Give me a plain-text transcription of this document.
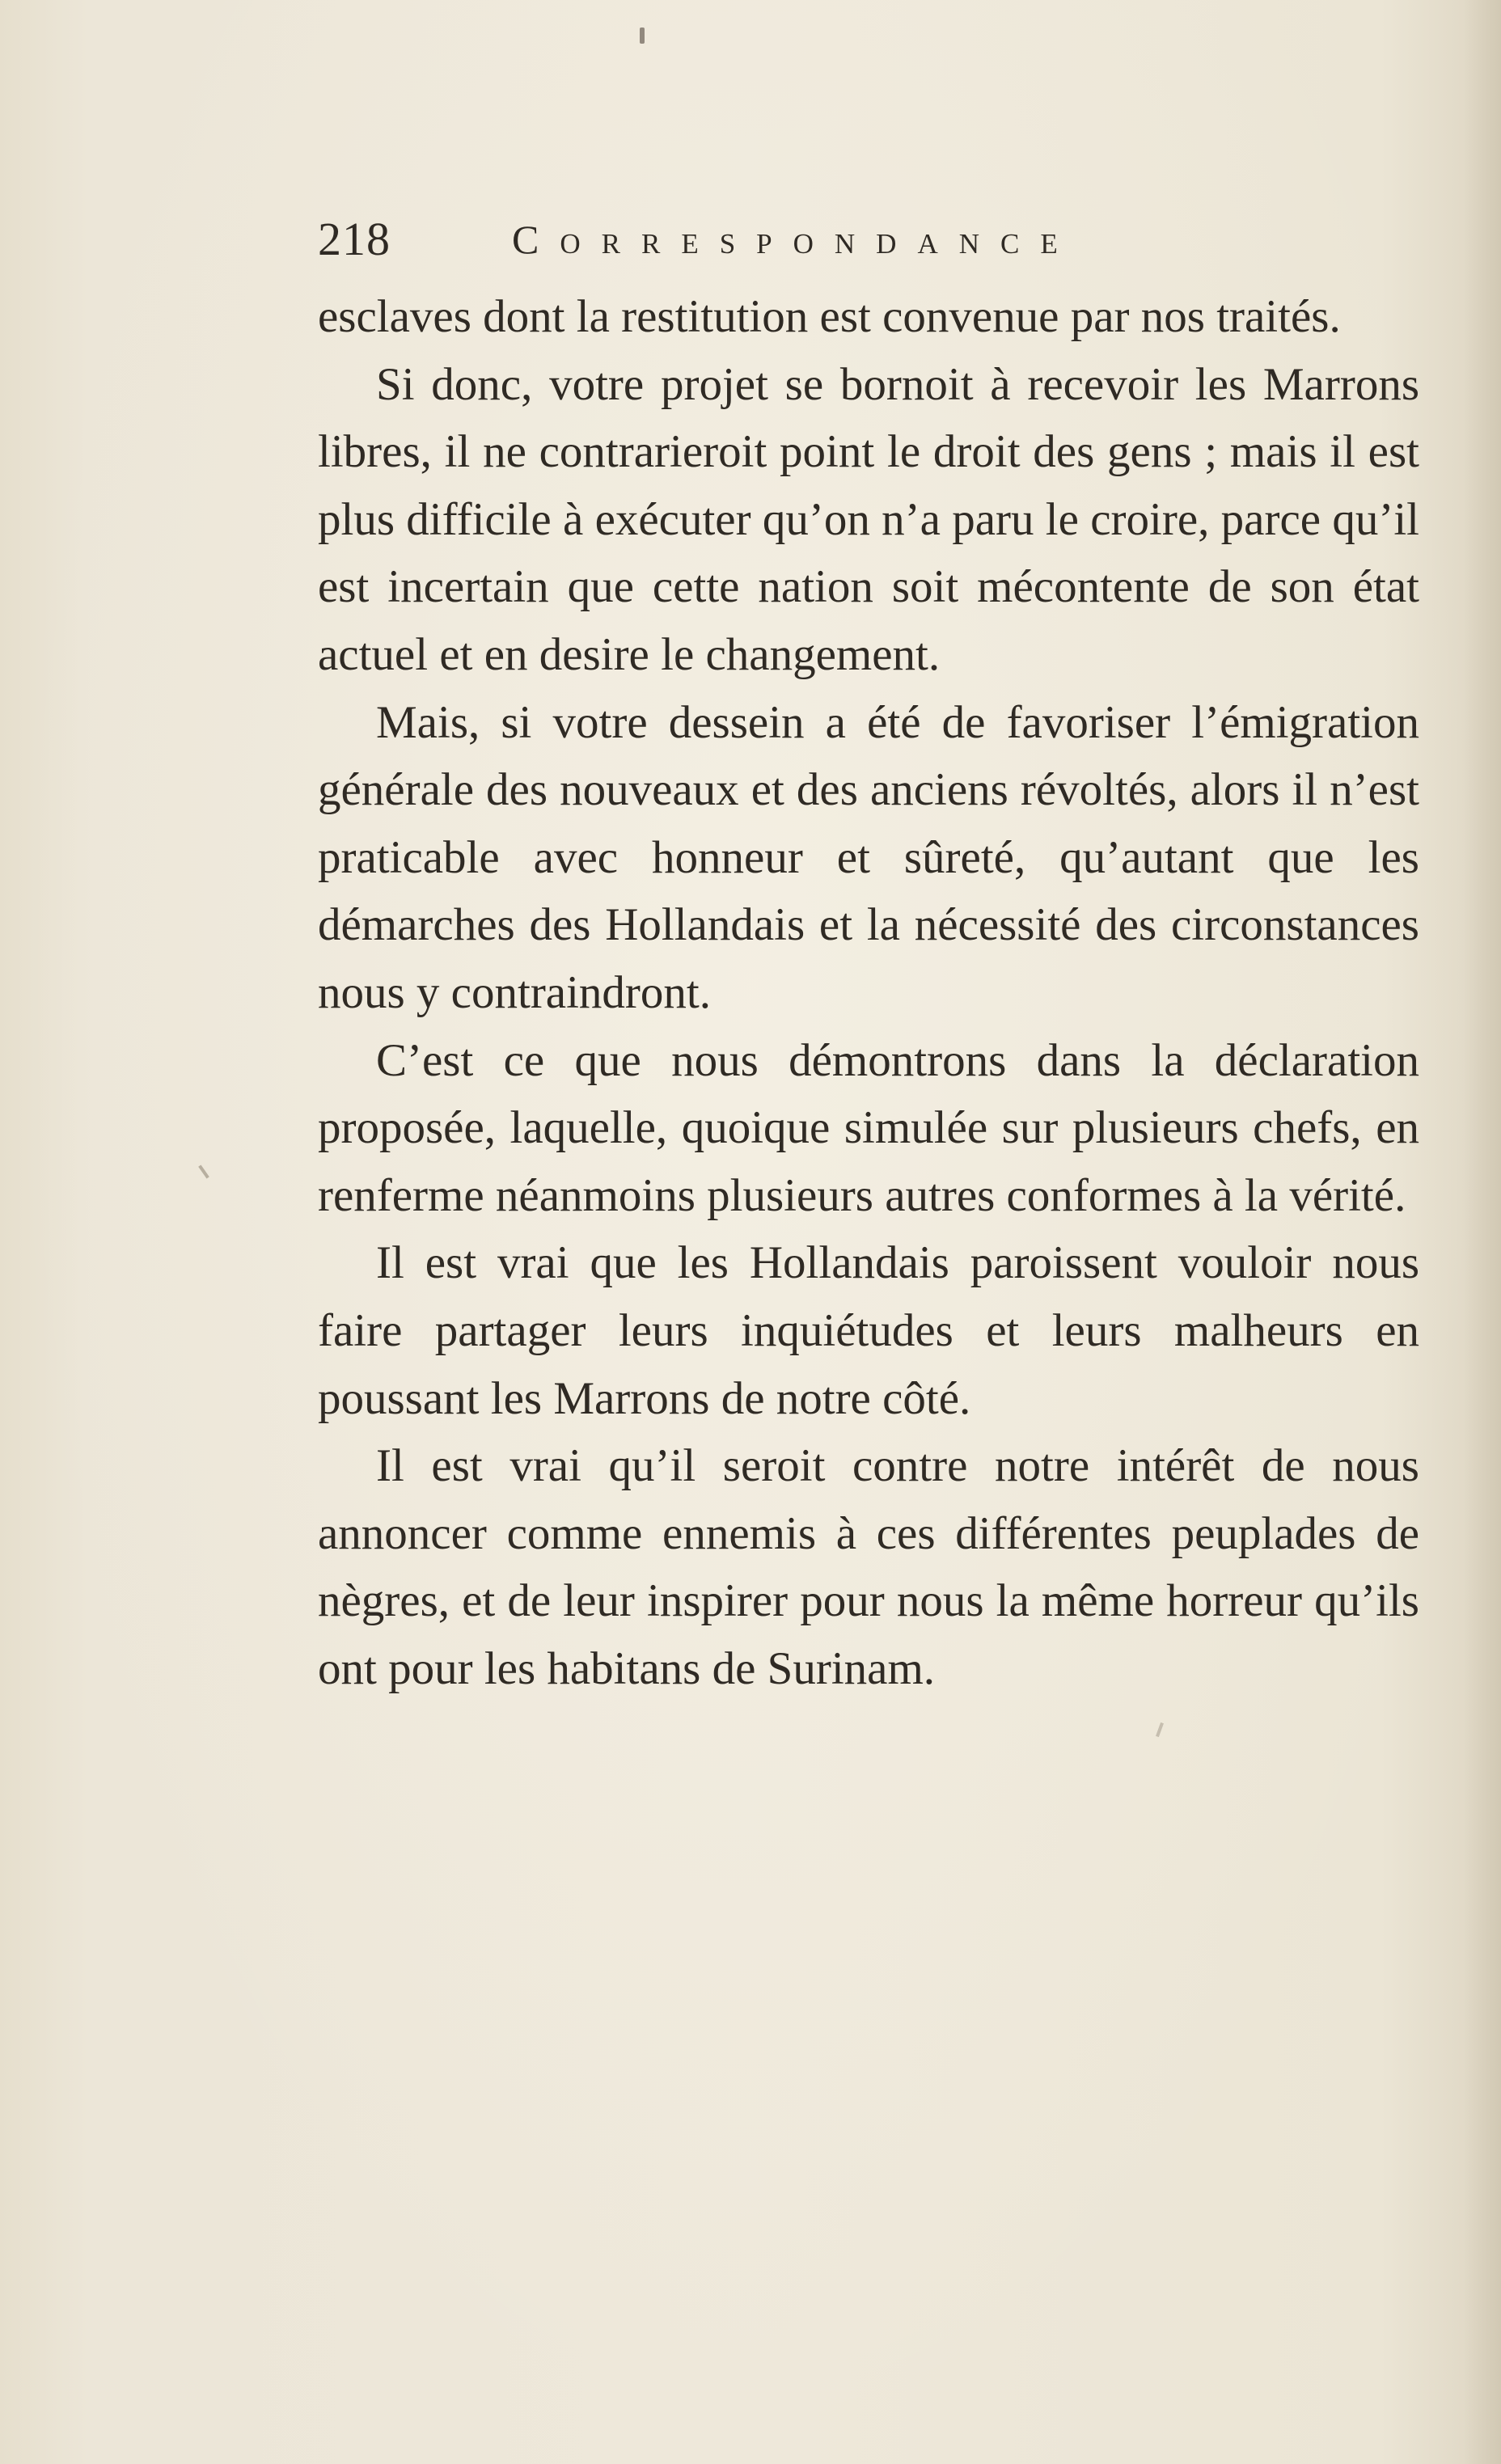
218	Correspondance

esclaves dont la restitution est convenue par nos traités.

Si donc, votre projet se bornoit à recevoir les Marrons libres, il ne contrarieroit point le droit des gens ; mais il est plus difficile à exécuter qu’on n’a paru le croire, parce qu’il est incertain que cette nation soit mécontente de son état actuel et en desire le changement.

Mais, si votre dessein a été de favoriser l’émigration générale des nouveaux et des anciens révoltés, alors il n’est praticable avec honneur et sûreté, qu’autant que les démarches des Hollandais et la nécessité des circonstances nous y contraindront.

C’est ce que nous démontrons dans la déclaration proposée, laquelle, quoique simulée sur plusieurs chefs, en renferme néanmoins plusieurs autres conformes à la vérité.

Il est vrai que les Hollandais paroissent vouloir nous faire partager leurs inquiétudes et leurs malheurs en poussant les Marrons de notre côté.

Il est vrai qu’il seroit contre notre intérêt de nous annoncer comme ennemis à ces différentes peuplades de nègres, et de leur inspirer pour nous la même horreur qu’ils ont pour les habitans de Surinam.
